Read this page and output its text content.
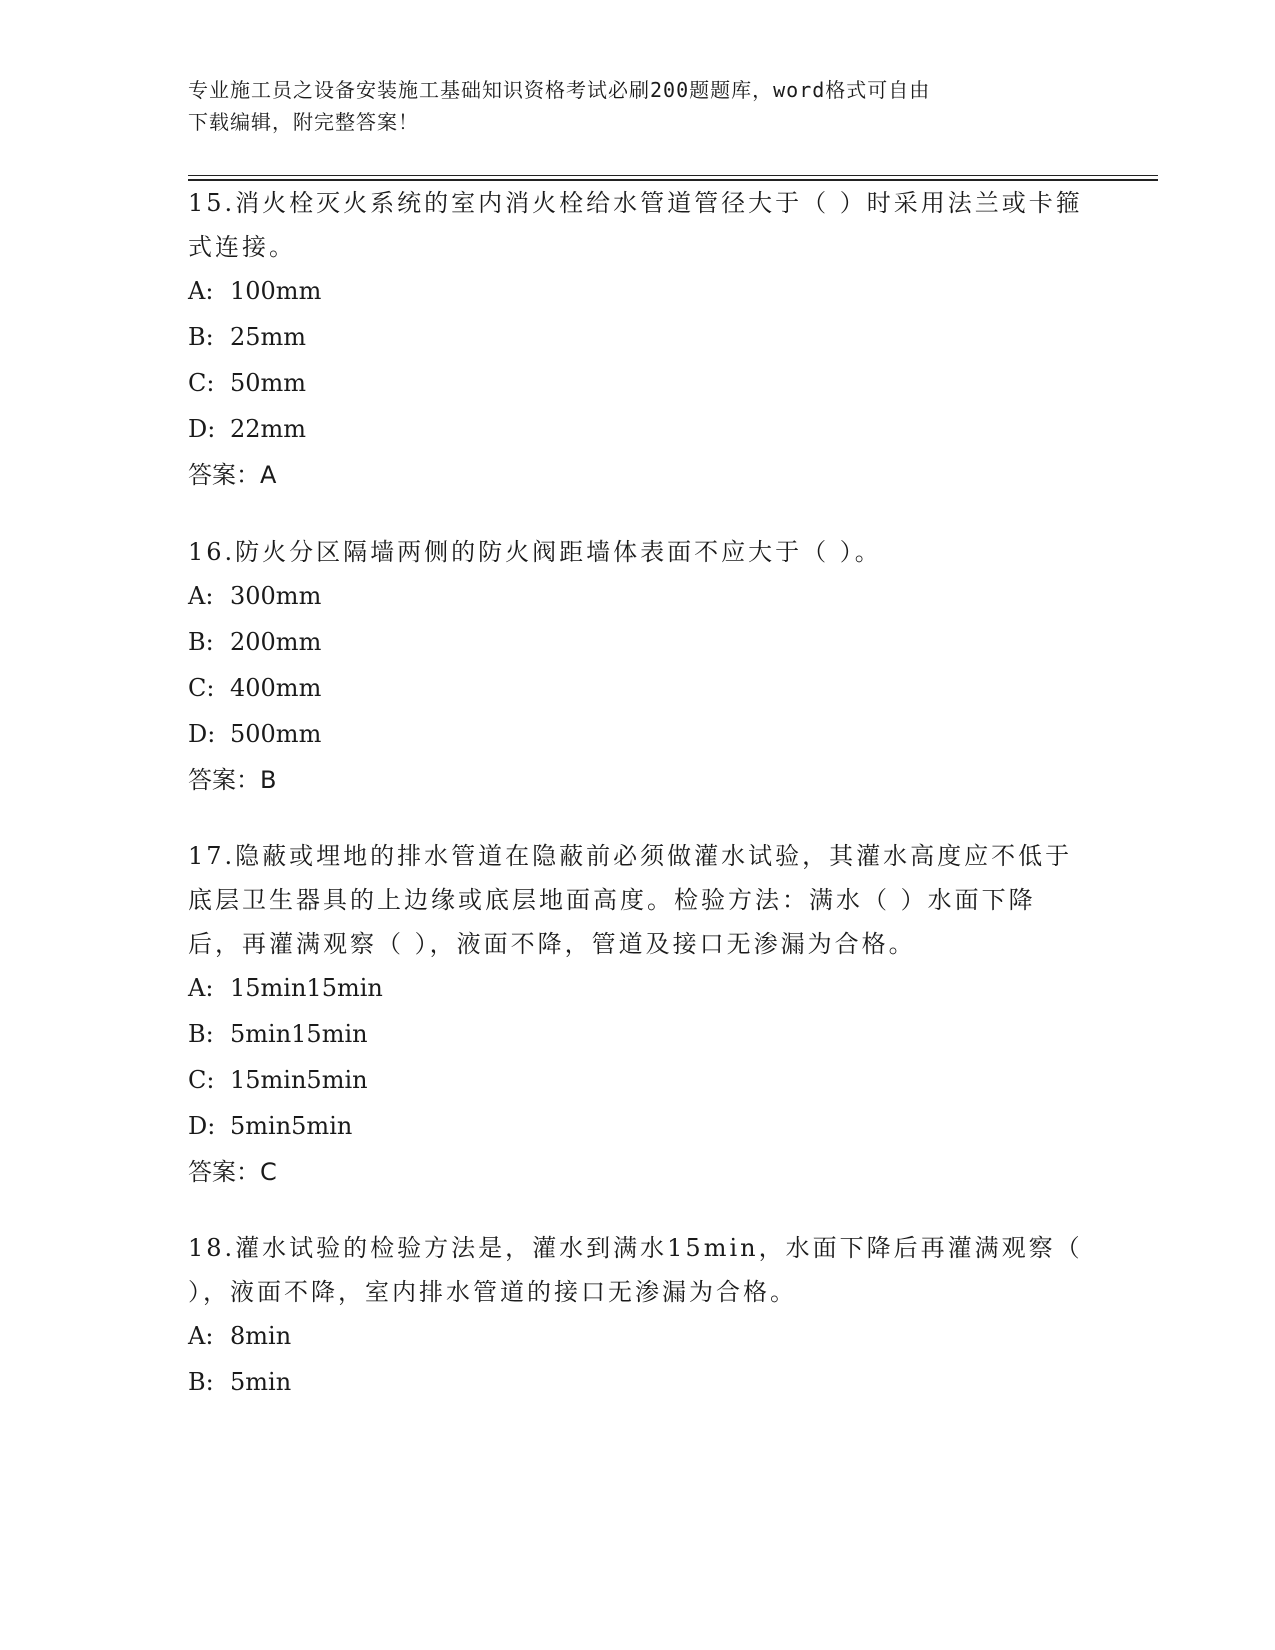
专业施工员之设备安装施工基础知识资格考试必刷200题题库，word格式可自由
下载编辑，附完整答案！

15.消火栓灭火系统的室内消火栓给水管道管径大于（ ）时采用法兰或卡箍式连接。

A: 100mm
B: 25mm
C: 50mm
D: 22mm

答案：A

16.防火分区隔墙两侧的防火阀距墙体表面不应大于（ ）。

A: 300mm
B: 200mm
C: 400mm
D: 500mm

答案：B

17.隐蔽或埋地的排水管道在隐蔽前必须做灌水试验，其灌水高度应不低于底层卫生器具的上边缘或底层地面高度。检验方法：满水（ ）水面下降后，再灌满观察（ ），液面不降，管道及接口无渗漏为合格。

A: 15min15min
B: 5min15min
C: 15min5min
D: 5min5min

答案：C

18.灌水试验的检验方法是，灌水到满水15min，水面下降后再灌满观察（ ），液面不降，室内排水管道的接口无渗漏为合格。

A: 8min
B: 5min
